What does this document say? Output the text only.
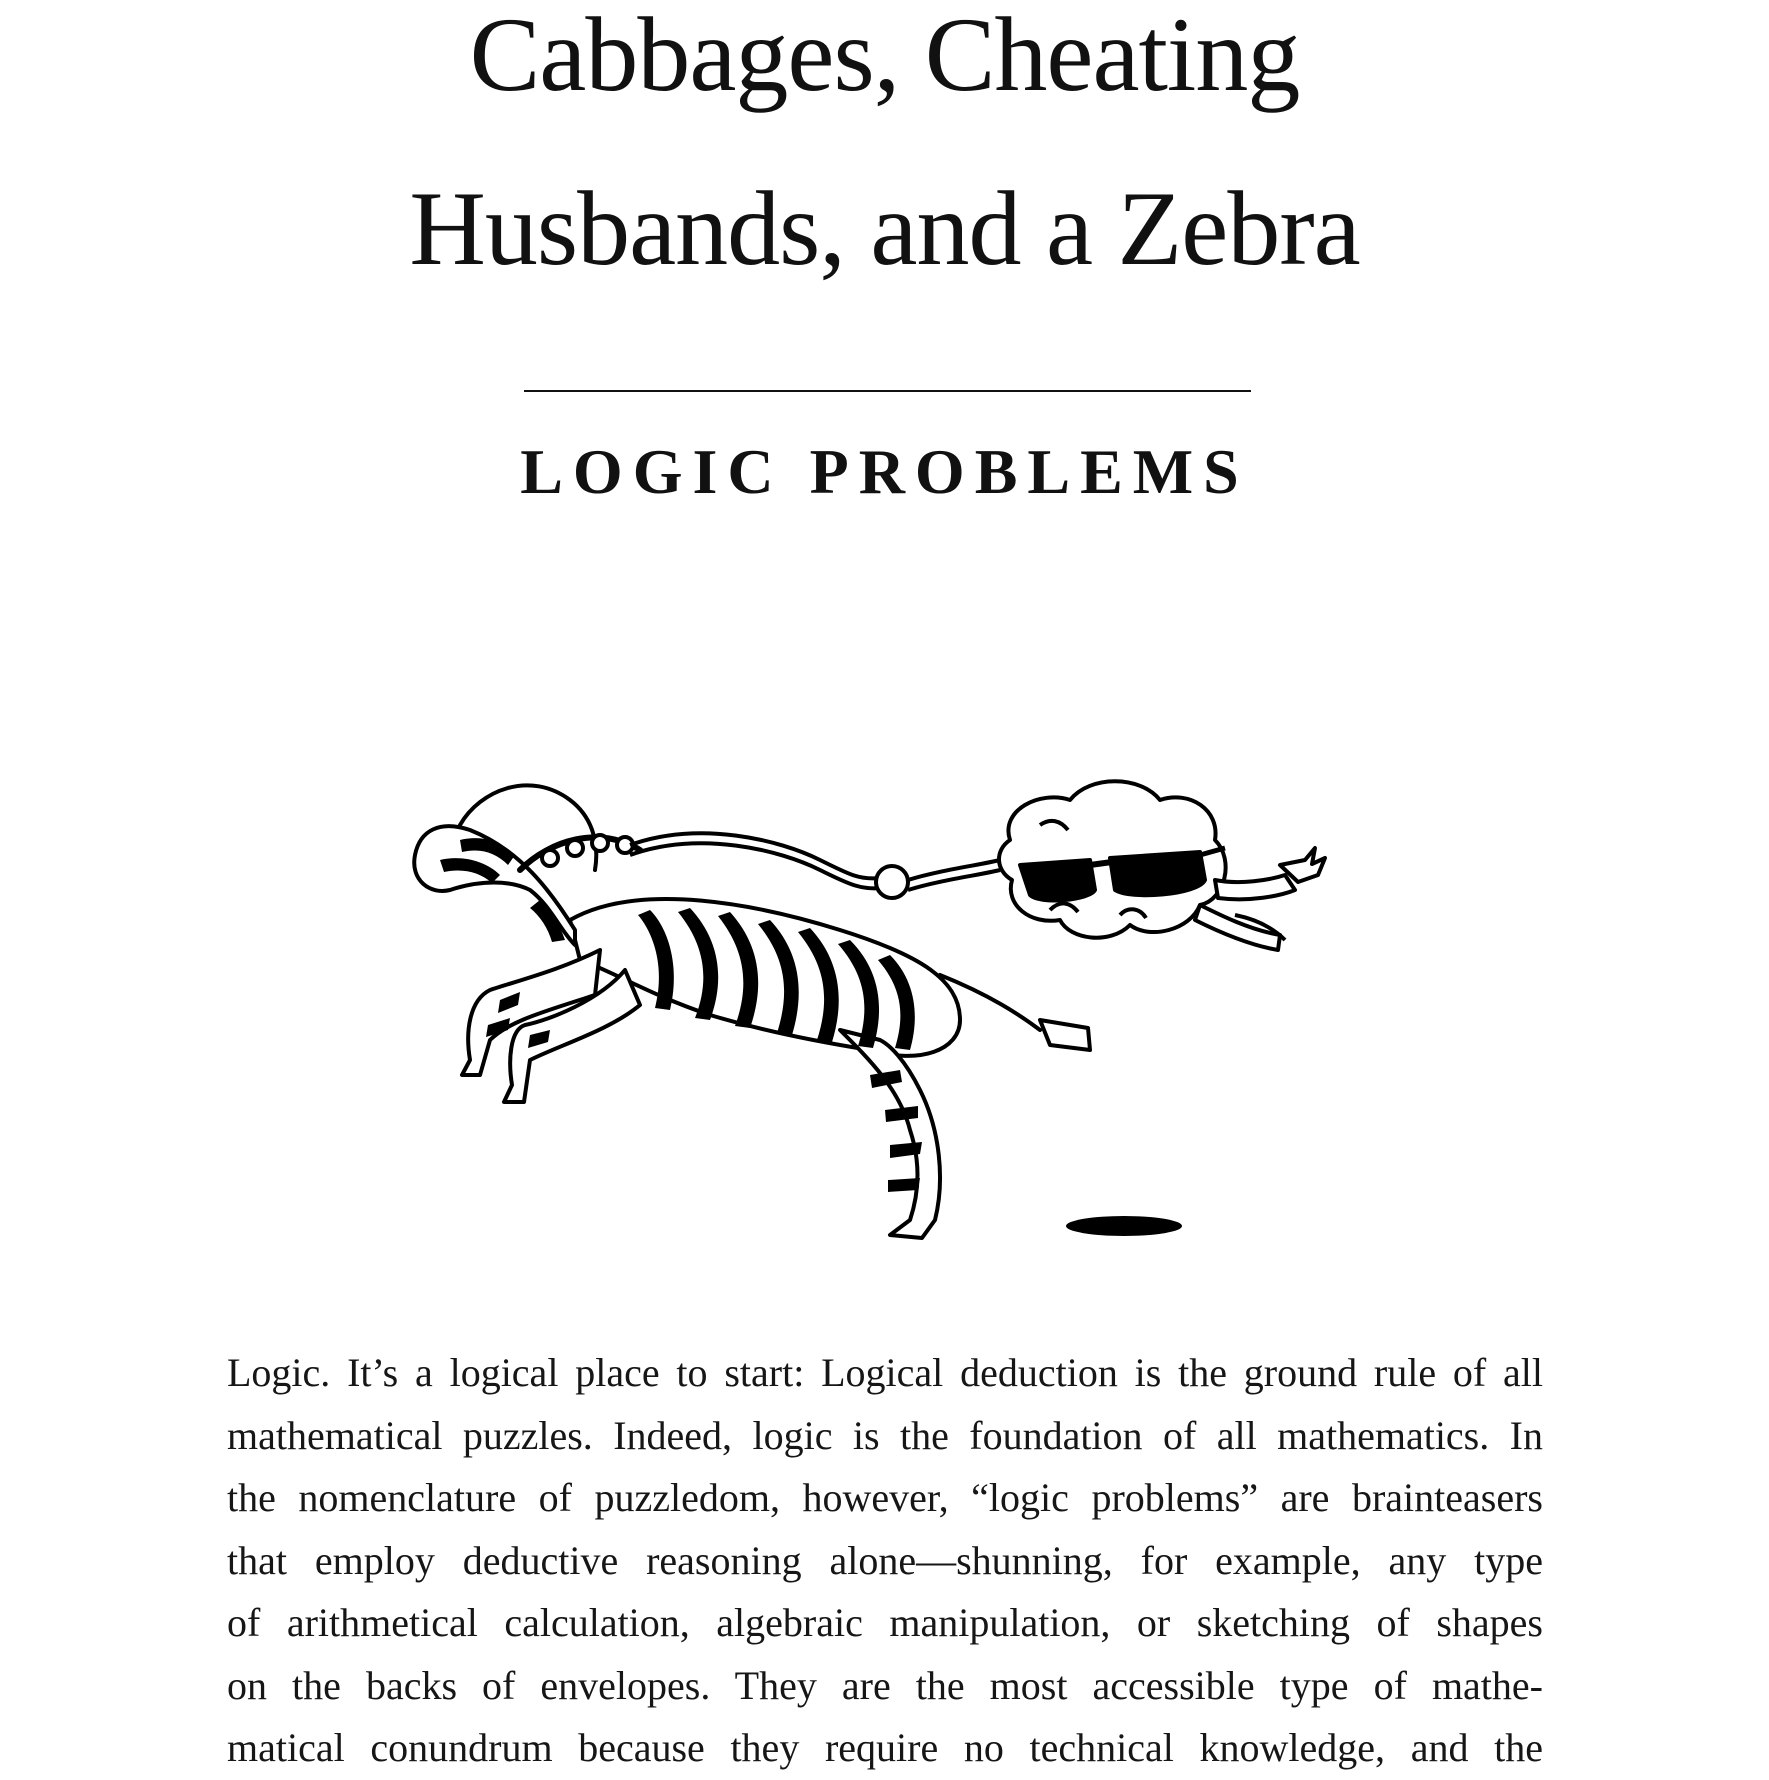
Cabbages, Cheating
Husbands, and a Zebra
LOGIC PROBLEMS
Logic. It’s a logical place to start: Logical deduction is the ground rule of all
mathematical puzzles. Indeed, logic is the foundation of all mathematics. In
the nomenclature of puzzledom, however, “logic problems” are brainteasers
that employ deductive reasoning alone—shunning, for example, any type
of arithmetical calculation, algebraic manipulation, or sketching of shapes
on the backs of envelopes. They are the most accessible type of mathe-
matical conundrum because they require no technical knowledge, and the
